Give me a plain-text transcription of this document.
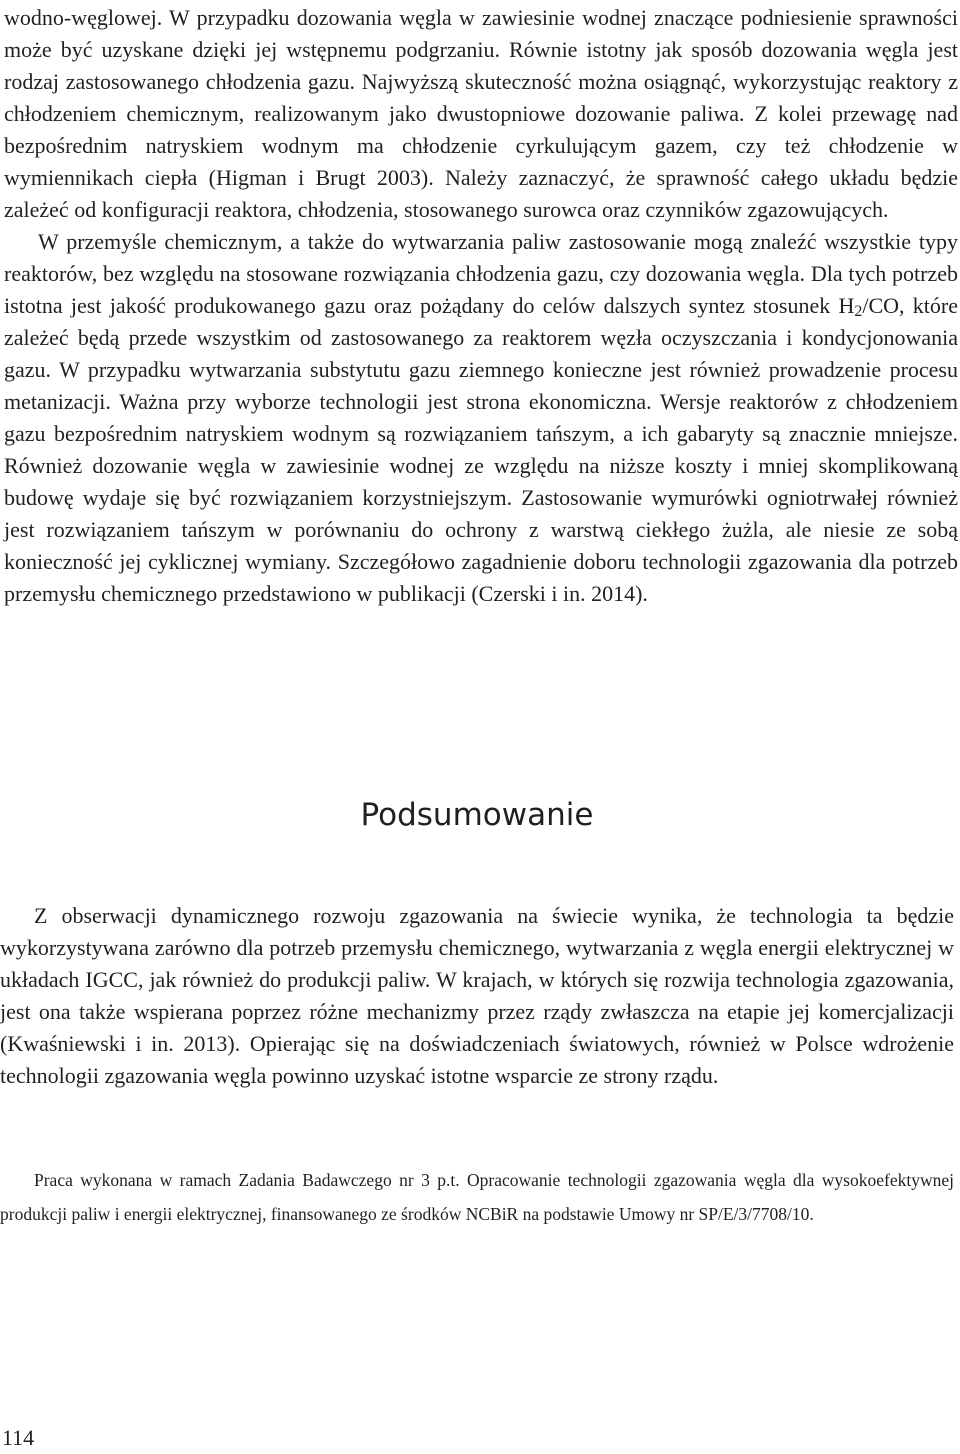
wodno-węglowej. W przypadku dozowania węgla w zawiesinie wodnej znaczące podniesienie sprawności może być uzyskane dzięki jej wstępnemu podgrzaniu. Równie istotny jak sposób dozowania węgla jest rodzaj zastosowanego chłodzenia gazu. Najwyższą skuteczność można osiągnąć, wykorzystując reaktory z chłodzeniem chemicznym, realizowanym jako dwustopniowe dozowanie paliwa. Z kolei przewagę nad bezpośrednim natryskiem wodnym ma chłodzenie cyrkulującym gazem, czy też chłodzenie w wymiennikach ciepła (Higman i Brugt 2003). Należy zaznaczyć, że sprawność całego układu będzie zależeć od konfiguracji reaktora, chłodzenia, stosowanego surowca oraz czynników zgazowujących.

W przemyśle chemicznym, a także do wytwarzania paliw zastosowanie mogą znaleźć wszystkie typy reaktorów, bez względu na stosowane rozwiązania chłodzenia gazu, czy dozowania węgla. Dla tych potrzeb istotna jest jakość produkowanego gazu oraz pożądany do celów dalszych syntez stosunek $H_2/CO$, które zależeć będą przede wszystkim od zastosowanego za reaktorem węzła oczyszczania i kondycjonowania gazu. W przypadku wytwarzania substytutu gazu ziemnego konieczne jest również prowadzenie procesu metanizacji. Ważna przy wyborze technologii jest strona ekonomiczna. Wersje reaktorów z chłodzeniem gazu bezpośrednim natryskiem wodnym są rozwiązaniem tańszym, a ich gabaryty są znacznie mniejsze. Również dozowanie węgla w zawiesinie wodnej ze względu na niższe koszty i mniej skomplikowaną budowę wydaje się być rozwiązaniem korzystniejszym. Zastosowanie wymurówki ogniotrwałej również jest rozwiązaniem tańszym w porównaniu do ochrony z warstwą ciekłego żużla, ale niesie ze sobą konieczność jej cyklicznej wymiany. Szczegółowo zagadnienie doboru technologii zgazowania dla potrzeb przemysłu chemicznego przedstawiono w publikacji (Czerski i in. 2014).

Podsumowanie

Z obserwacji dynamicznego rozwoju zgazowania na świecie wynika, że technologia ta będzie wykorzystywana zarówno dla potrzeb przemysłu chemicznego, wytwarzania z węgla energii elektrycznej w układach IGCC, jak również do produkcji paliw. W krajach, w których się rozwija technologia zgazowania, jest ona także wspierana poprzez różne mechanizmy przez rządy zwłaszcza na etapie jej komercjalizacji (Kwaśniewski i in. 2013). Opierając się na doświadczeniach światowych, również w Polsce wdrożenie technologii zgazowania węgla powinno uzyskać istotne wsparcie ze strony rządu.

Praca wykonana w ramach Zadania Badawczego nr 3 p.t. Opracowanie technologii zgazowania węgla dla wysokoefektywnej produkcji paliw i energii elektrycznej, finansowanego ze środków NCBiR na podstawie Umowy nr SP/E/3/7708/10.

114
